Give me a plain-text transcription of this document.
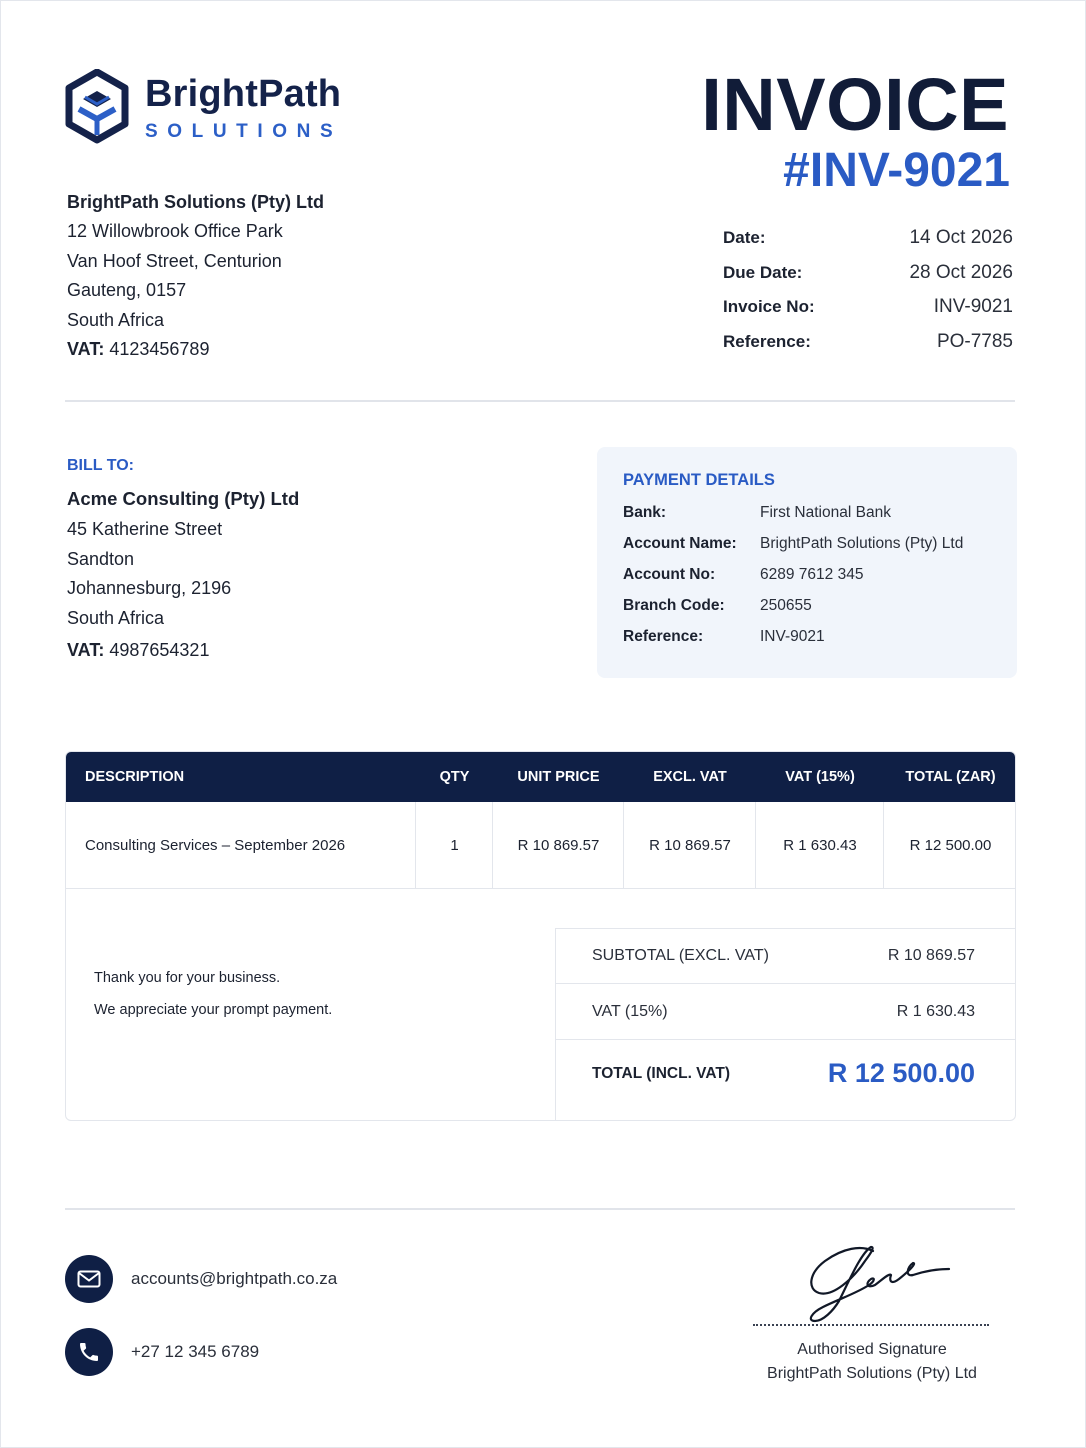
BrightPath
SOLUTIONS
BrightPath Solutions (Pty) Ltd
12 Willowbrook Office Park
Van Hoof Street, Centurion
Gauteng, 0157
South Africa
VAT: 4123456789
INVOICE
#INV-9021
Date:	14 Oct 2026
Due Date:	28 Oct 2026
Invoice No:	INV-9021
Reference:	PO-7785
BILL TO:
Acme Consulting (Pty) Ltd
45 Katherine Street
Sandton
Johannesburg, 2196
South Africa
VAT: 4987654321
PAYMENT DETAILS
Bank:	First National Bank
Account Name:	BrightPath Solutions (Pty) Ltd
Account No:	6289 7612 345
Branch Code:	250655
Reference:	INV-9021
DESCRIPTION	QTY	UNIT PRICE	EXCL. VAT	VAT (15%)	TOTAL (ZAR)
Consulting Services – September 2026	1	R 10 869.57	R 10 869.57	R 1 630.43	R 12 500.00
Thank you for your business.
We appreciate your prompt payment.
SUBTOTAL (EXCL. VAT)	R 10 869.57
VAT (15%)	R 1 630.43
TOTAL (INCL. VAT)	R 12 500.00
accounts@brightpath.co.za
+27 12 345 6789	Authorised Signature
BrightPath Solutions (Pty) Ltd
